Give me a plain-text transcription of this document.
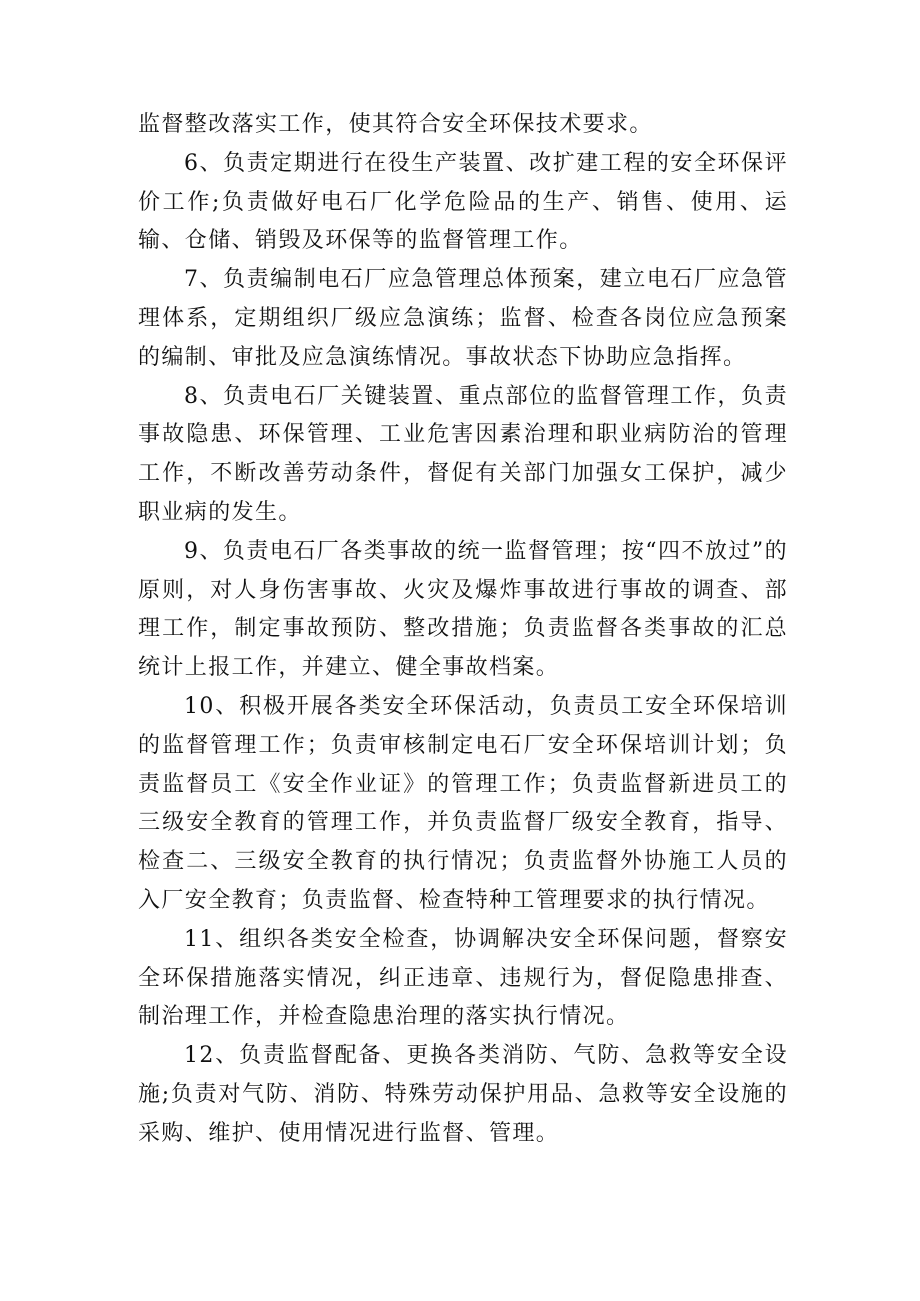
监督整改落实工作，使其符合安全环保技术要求。

6、负责定期进行在役生产装置、改扩建工程的安全环保评价工作;负责做好电石厂化学危险品的生产、销售、使用、运输、仓储、销毁及环保等的监督管理工作。

7、负责编制电石厂应急管理总体预案，建立电石厂应急管理体系，定期组织厂级应急演练；监督、检查各岗位应急预案的编制、审批及应急演练情况。事故状态下协助应急指挥。

8、负责电石厂关键装置、重点部位的监督管理工作，负责事故隐患、环保管理、工业危害因素治理和职业病防治的管理工作，不断改善劳动条件，督促有关部门加强女工保护，减少职业病的发生。

9、负责电石厂各类事故的统一监督管理；按“四不放过”的原则，对人身伤害事故、火灾及爆炸事故进行事故的调查、部理工作，制定事故预防、整改措施；负责监督各类事故的汇总统计上报工作，并建立、健全事故档案。

10、积极开展各类安全环保活动，负责员工安全环保培训的监督管理工作；负责审核制定电石厂安全环保培训计划；负责监督员工《安全作业证》的管理工作；负责监督新进员工的三级安全教育的管理工作，并负责监督厂级安全教育，指导、检查二、三级安全教育的执行情况；负责监督外协施工人员的入厂安全教育；负责监督、检查特种工管理要求的执行情况。

11、组织各类安全检查，协调解决安全环保问题，督察安全环保措施落实情况，纠正违章、违规行为，督促隐患排查、制治理工作，并检查隐患治理的落实执行情况。

12、负责监督配备、更换各类消防、气防、急救等安全设施;负责对气防、消防、特殊劳动保护用品、急救等安全设施的采购、维护、使用情况进行监督、管理。
